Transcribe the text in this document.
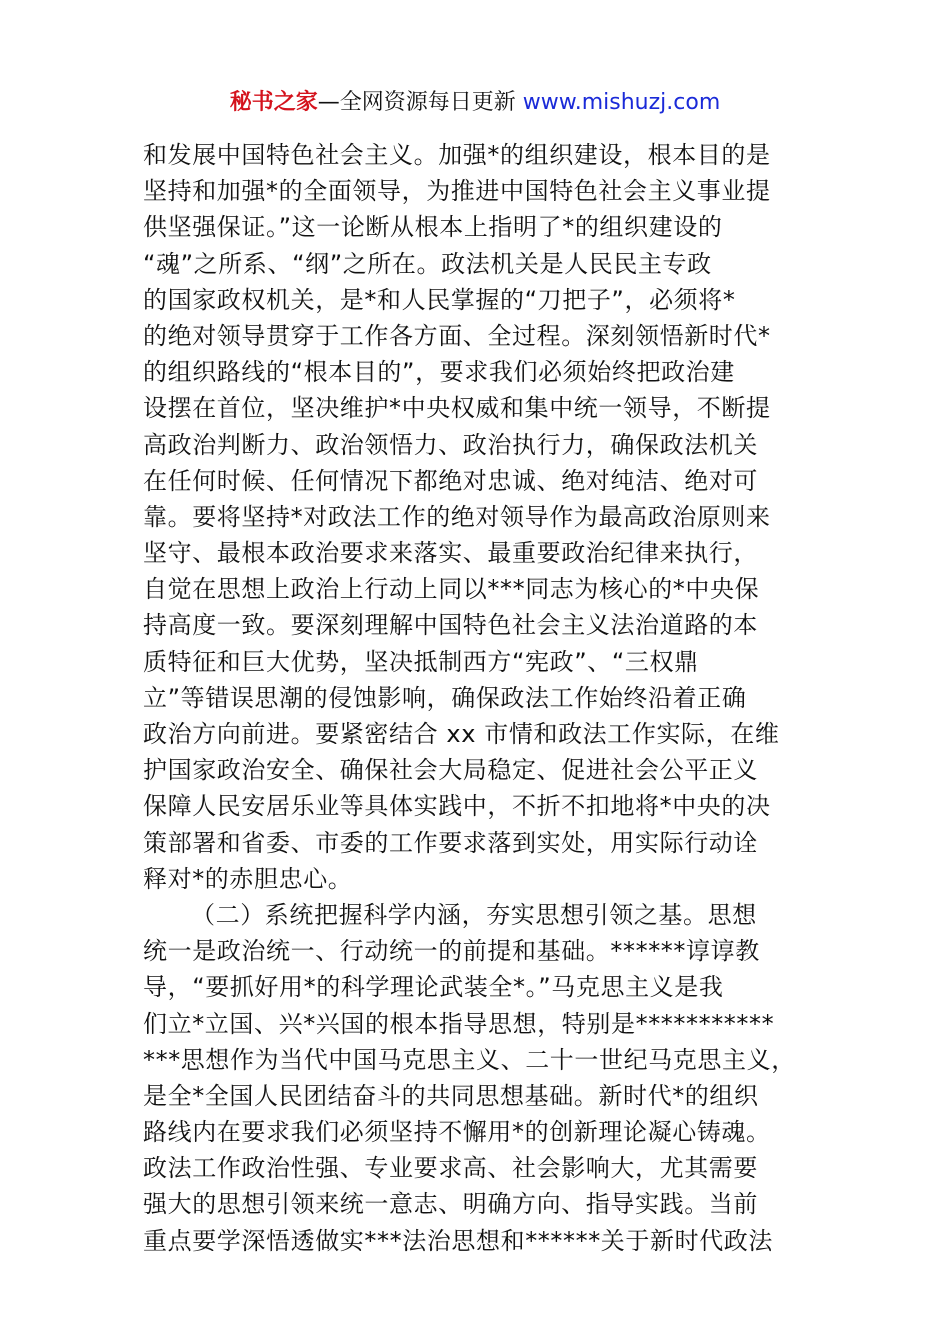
秘书之家—全网资源每日更新 www.mishuzj.com
和发展中国特色社会主义。加强*的组织建设，根本目的是
坚持和加强*的全面领导，为推进中国特色社会主义事业提
供坚强保证。”这一论断从根本上指明了*的组织建设的
“魂”之所系、“纲”之所在。政法机关是人民民主专政
的国家政权机关，是*和人民掌握的“刀把子”，必须将*
的绝对领导贯穿于工作各方面、全过程。深刻领悟新时代*
的组织路线的“根本目的”，要求我们必须始终把政治建
设摆在首位，坚决维护*中央权威和集中统一领导，不断提
高政治判断力、政治领悟力、政治执行力，确保政法机关
在任何时候、任何情况下都绝对忠诚、绝对纯洁、绝对可
靠。要将坚持*对政法工作的绝对领导作为最高政治原则来
坚守、最根本政治要求来落实、最重要政治纪律来执行，
自觉在思想上政治上行动上同以***同志为核心的*中央保
持高度一致。要深刻理解中国特色社会主义法治道路的本
质特征和巨大优势，坚决抵制西方“宪政”、“三权鼎
立”等错误思潮的侵蚀影响，确保政法工作始终沿着正确
政治方向前进。要紧密结合 xx 市情和政法工作实际，在维
护国家政治安全、确保社会大局稳定、促进社会公平正义
保障人民安居乐业等具体实践中，不折不扣地将*中央的决
策部署和省委、市委的工作要求落到实处，用实际行动诠
释对*的赤胆忠心。
（二）系统把握科学内涵，夯实思想引领之基。思想
统一是政治统一、行动统一的前提和基础。******谆谆教
导，“要抓好用*的科学理论武装全*。”马克思主义是我
们立*立国、兴*兴国的根本指导思想，特别是***********
***思想作为当代中国马克思主义、二十一世纪马克思主义，
是全*全国人民团结奋斗的共同思想基础。新时代*的组织
路线内在要求我们必须坚持不懈用*的创新理论凝心铸魂。
政法工作政治性强、专业要求高、社会影响大，尤其需要
强大的思想引领来统一意志、明确方向、指导实践。当前
重点要学深悟透做实***法治思想和******关于新时代政法
